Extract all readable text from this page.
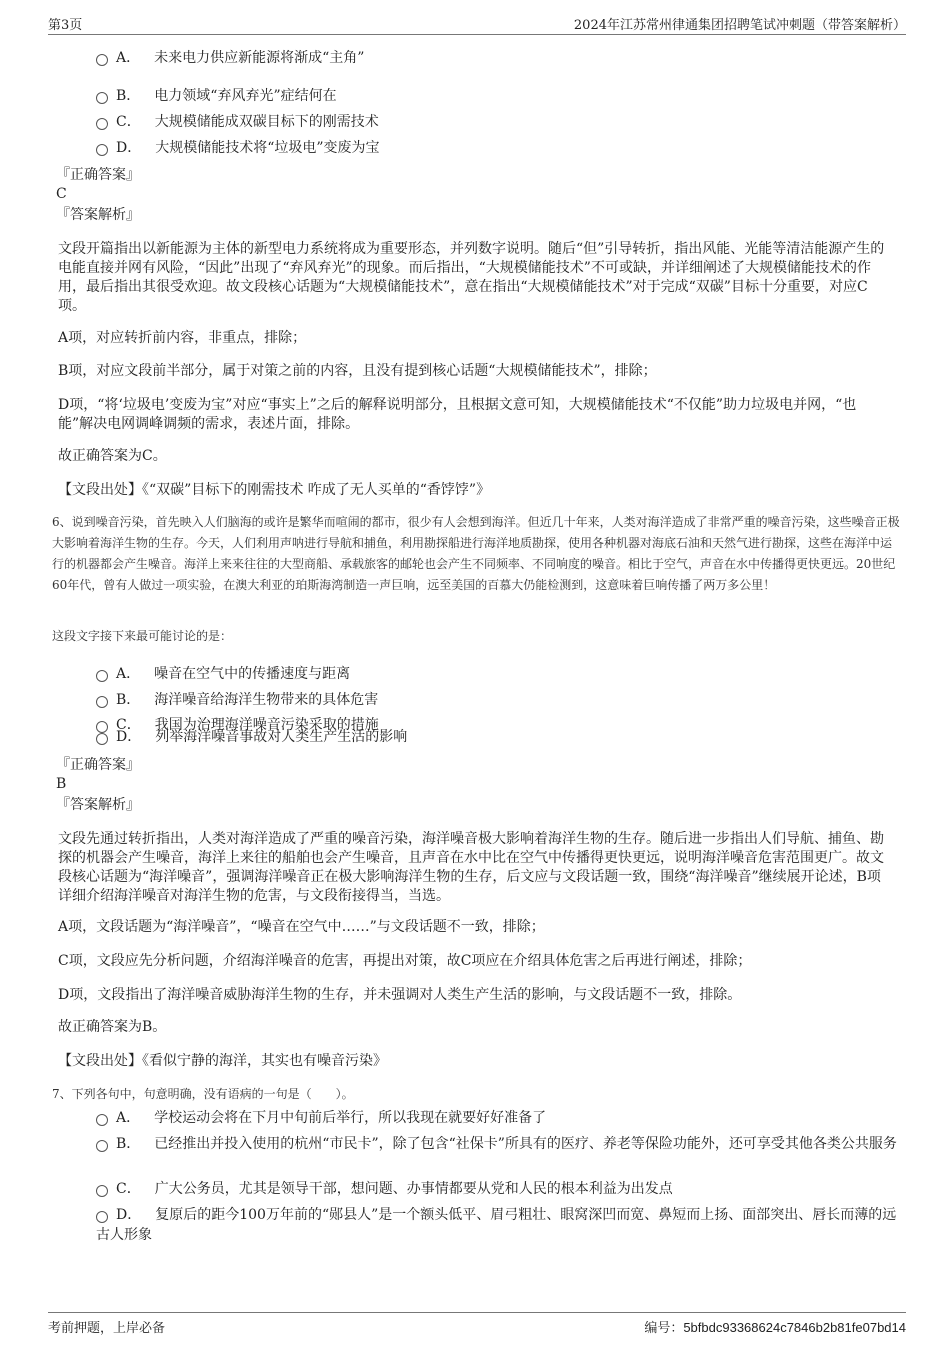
第3页	2024年江苏常州律通集团招聘笔试冲刺题（带答案解析）
A． 未来电力供应新能源将渐成“主角”
B． 电力领域“弃风弃光”症结何在
C． 大规模储能成双碳目标下的刚需技术
D． 大规模储能技术将“垃圾电”变废为宝
『正确答案』
C
『答案解析』
文段开篇指出以新能源为主体的新型电力系统将成为重要形态，并列数字说明。随后“但”引导转折，指出风能、光能等清洁能源产生的电能直接并网有风险，“因此”出现了“弃风弃光”的现象。而后指出，“大规模储能技术”不可或缺，并详细阐述了大规模储能技术的作用，最后指出其很受欢迎。故文段核心话题为“大规模储能技术”，意在指出“大规模储能技术”对于完成“双碳”目标十分重要，对应C项。
A项，对应转折前内容，非重点，排除；
B项，对应文段前半部分，属于对策之前的内容，且没有提到核心话题“大规模储能技术”，排除；
D项，“将‘垃圾电’变废为宝”对应“事实上”之后的解释说明部分，且根据文意可知，大规模储能技术“不仅能”助力垃圾电并网，“也能”解决电网调峰调频的需求，表述片面，排除。
故正确答案为C。
【文段出处】《“双碳”目标下的刚需技术 咋成了无人买单的“香饽饽”》
6、说到噪音污染，首先映入人们脑海的或许是繁华而喧闹的都市，很少有人会想到海洋。但近几十年来，人类对海洋造成了非常严重的噪音污染，这些噪音正极大影响着海洋生物的生存。今天，人们利用声呐进行导航和捕鱼，利用勘探船进行海洋地质勘探，使用各种机器对海底石油和天然气进行勘探，这些在海洋中运行的机器都会产生噪音。海洋上来来往往的大型商船、承载旅客的邮轮也会产生不同频率、不同响度的噪音。相比于空气，声音在水中传播得更快更远。20世纪60年代，曾有人做过一项实验，在澳大利亚的珀斯海湾制造一声巨响，远至美国的百慕大仍能检测到，这意味着巨响传播了两万多公里！
这段文字接下来最可能讨论的是：
A． 噪音在空气中的传播速度与距离
B． 海洋噪音给海洋生物带来的具体危害
C． 我国为治理海洋噪音污染采取的措施
D． 列举海洋噪音事故对人类生产生活的影响
『正确答案』
B
『答案解析』
文段先通过转折指出，人类对海洋造成了严重的噪音污染，海洋噪音极大影响着海洋生物的生存。随后进一步指出人们导航、捕鱼、勘探的机器会产生噪音，海洋上来往的船舶也会产生噪音，且声音在水中比在空气中传播得更快更远，说明海洋噪音危害范围更广。故文段核心话题为“海洋噪音”，强调海洋噪音正在极大影响海洋生物的生存，后文应与文段话题一致，围绕“海洋噪音”继续展开论述，B项详细介绍海洋噪音对海洋生物的危害，与文段衔接得当，当选。
A项，文段话题为“海洋噪音”，“噪音在空气中……”与文段话题不一致，排除；
C项，文段应先分析问题，介绍海洋噪音的危害，再提出对策，故C项应在介绍具体危害之后再进行阐述，排除；
D项，文段指出了海洋噪音威胁海洋生物的生存，并未强调对人类生产生活的影响，与文段话题不一致，排除。
故正确答案为B。
【文段出处】《看似宁静的海洋，其实也有噪音污染》
7、下列各句中，句意明确，没有语病的一句是（　　）。
A． 学校运动会将在下月中旬前后举行，所以我现在就要好好准备了
B． 已经推出并投入使用的杭州“市民卡”，除了包含“社保卡”所具有的医疗、养老等保险功能外，还可享受其他各类公共服务
C． 广大公务员，尤其是领导干部，想问题、办事情都要从党和人民的根本利益为出发点
D． 复原后的距今100万年前的“郧县人”是一个额头低平、眉弓粗壮、眼窝深凹而宽、鼻短而上扬、面部突出、唇长而薄的远古人形象
考前押题，上岸必备	编号：5bfbdc93368624c7846b2b81fe07bd14
